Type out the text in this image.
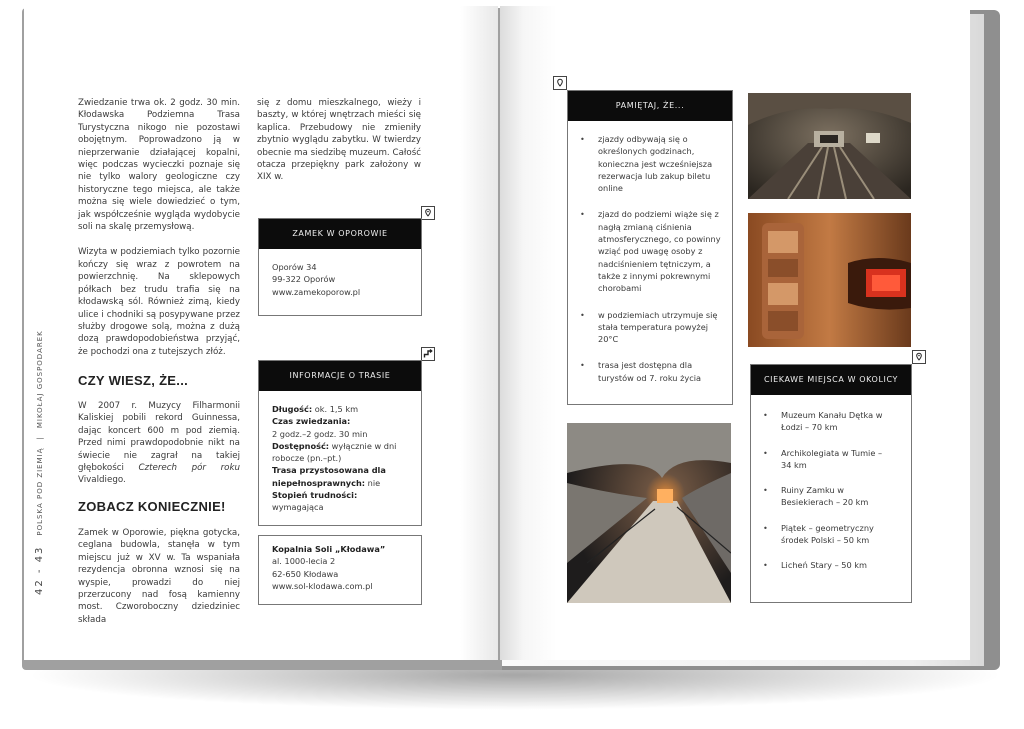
Zwiedzanie trwa ok. 2 godz. 30 min. Kłodawska Podziemna Trasa Turystyczna nikogo nie pozostawi obojętnym. Poprowadzono ją w nieprzerwanie działającej kopalni, więc podczas wycieczki poznaje się nie tylko walory geologiczne czy historyczne tego miejsca, ale także można się wiele dowiedzieć o tym, jak współcześnie wygląda wydobycie soli na skalę przemysłową.

Wizyta w podziemiach tylko pozornie kończy się wraz z powrotem na powierzchnię. Na sklepowych półkach bez trudu trafia się na kłodawską sól. Również zimą, kiedy ulice i chodniki są posypywane przez służby drogowe solą, można z dużą dozą prawdopodobieństwa przyjąć, że pochodzi ona z tutejszych złóż.

CZY WIESZ, ŻE...
W 2007 r. Muzycy Filharmonii Kaliskiej pobili rekord Guinnessa, dając koncert 600 m pod ziemią. Przed nimi prawdopodobnie nikt na świecie nie zagrał na takiej głębokości Czterech pór roku Vivaldiego.
ZOBACZ KONIECZNIE!
Zamek w Oporowie, piękna gotycka, ceglana budowla, stanęła w tym miejscu już w XV w. Ta wspaniała rezydencja obronna wznosi się na wyspie, prowadzi do niej przerzucony nad fosą kamienny most. Czworoboczny dziedziniec składa
się z domu mieszkalnego, wieży i baszty, w której wnętrzach mieści się kaplica. Przebudowy nie zmieniły zbytnio wyglądu zabytku. W twierdzy obecnie ma siedzibę muzeum. Całość otacza przepiękny park założony w XIX w.
42 - 43POLSKA POD ZIEMIĄ|MIKOŁAJ GOSPODAREK
ZAMEK W OPOROWIE
Oporów 34
99-322 Oporów
www.zamekoporow.pl
INFORMACJE O TRASIE
Długość: ok. 1,5 km
Czas zwiedzania:
2 godz.–2 godz. 30 min
Dostępność: wyłącznie w dni robocze (pn.–pt.)
Trasa przystosowana dla niepełnosprawnych: nie
Stopień trudności:
wymagająca
Kopalnia Soli „Kłodawa”
al. 1000-lecia 2
62-650 Kłodawa
www.sol-klodawa.com.pl
PAMIĘTAJ, ŻE...
• zjazdy odbywają się o określonych godzinach, konieczna jest wcześniejsza rezerwacja lub zakup biletu online
• zjazd do podziemi wiąże się z nagłą zmianą ciśnienia atmosferycznego, co powinny wziąć pod uwagę osoby z nadciśnieniem tętniczym, a także z innymi pokrewnymi chorobami
• w podziemiach utrzymuje się stała temperatura powyżej 20°C
• trasa jest dostępna dla turystów od 7. roku życia	CIEKAWE MIEJSCA W OKOLICY
• Muzeum Kanału Dętka w Łodzi – 70 km
• Archikolegiata w Tumie – 34 km
• Ruiny Zamku w Besiekierach – 20 km
• Piątek – geometryczny środek Polski – 50 km
• Licheń Stary – 50 km
